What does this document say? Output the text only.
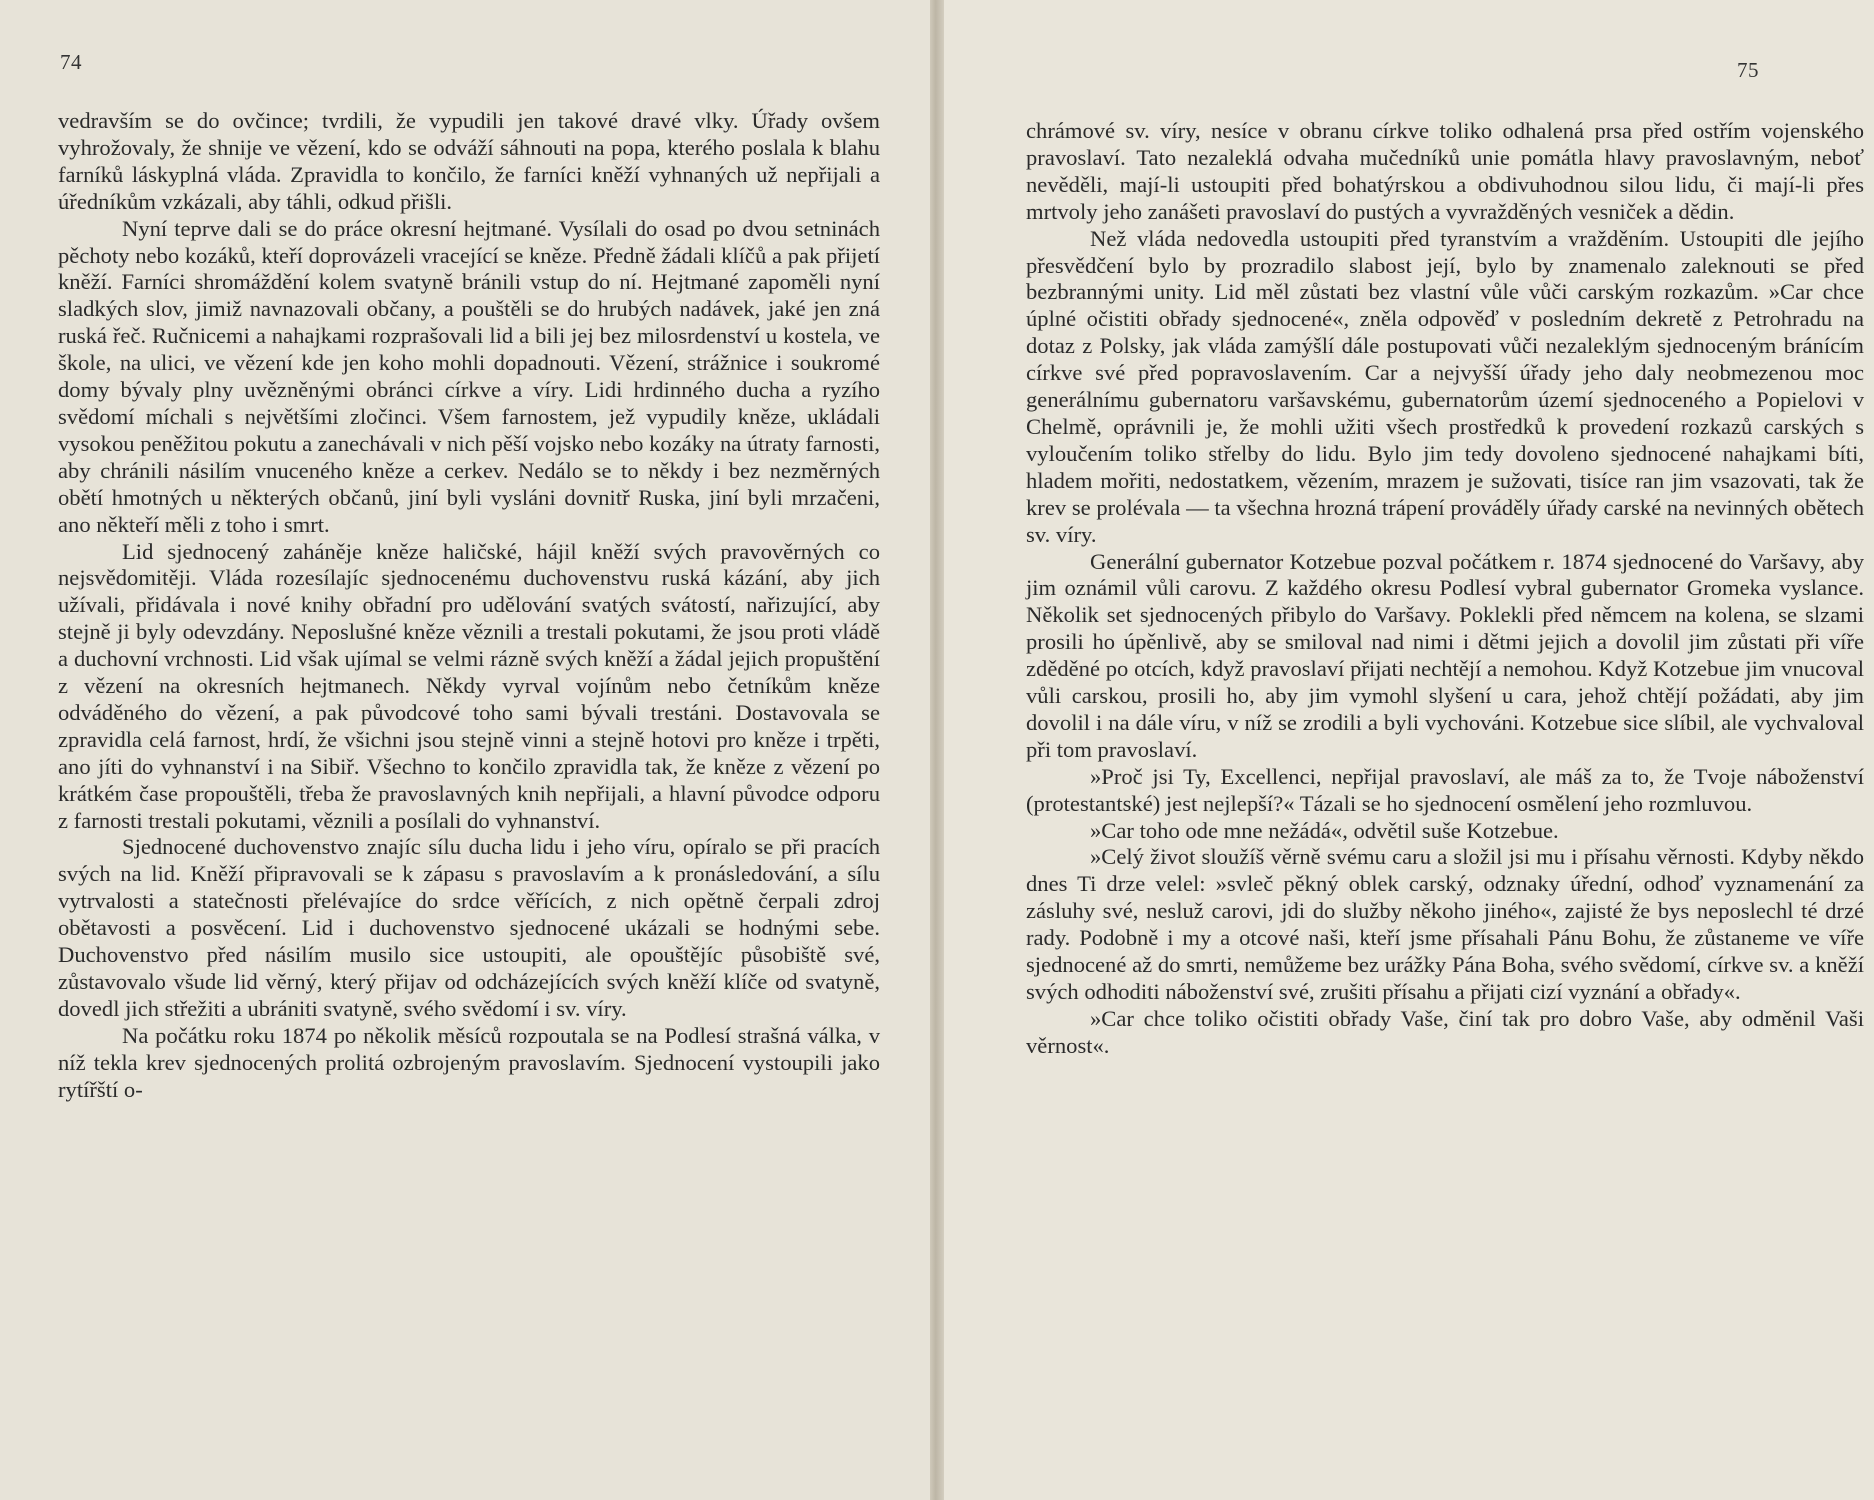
74

vedravším se do ovčince; tvrdili, že vypudili jen takové dravé vlky. Úřady ovšem vyhrožovaly, že shnije ve vězení, kdo se odváží sáhnouti na popa, kterého poslala k blahu farníků láskyplná vláda. Zpravidla to končilo, že farníci kněží vyhnaných už nepřijali a úředníkům vzkázali, aby táhli, odkud přišli.

Nyní teprve dali se do práce okresní hejtmané. Vysílali do osad po dvou setninách pěchoty nebo kozáků, kteří doprovázeli vracející se kněze. Předně žádali klíčů a pak přijetí kněží. Farníci shromáždění kolem svatyně bránili vstup do ní. Hejtmané zapoměli nyní sladkých slov, jimiž navnazovali občany, a pouštěli se do hrubých nadávek, jaké jen zná ruská řeč. Ručnicemi a nahajkami rozprašovali lid a bili jej bez milosrdenství u kostela, ve škole, na ulici, ve vězení kde jen koho mohli dopadnouti. Vězení, strážnice i soukromé domy bývaly plny uvězněnými obránci církve a víry. Lidi hrdinného ducha a ryzího svědomí míchali s největšími zločinci. Všem farnostem, jež vypudily kněze, ukládali vysokou peněžitou pokutu a zanechávali v nich pěší vojsko nebo kozáky na útraty farnosti, aby chránili násilím vnuceného kněze a cerkev. Nedálo se to někdy i bez nezměrných obětí hmotných u některých občanů, jiní byli vysláni dovnitř Ruska, jiní byli mrzačeni, ano někteří měli z toho i smrt.

Lid sjednocený zaháněje kněze haličské, hájil kněží svých pravověrných co nejsvědomitěji. Vláda rozesílajíc sjednocenému duchovenstvu ruská kázání, aby jich užívali, přidávala i nové knihy obřadní pro udělování svatých svátostí, nařizující, aby stejně ji byly odevzdány. Neposlušné kněze věznili a trestali pokutami, že jsou proti vládě a duchovní vrchnosti. Lid však ujímal se velmi rázně svých kněží a žádal jejich propuštění z vězení na okresních hejtmanech. Někdy vyrval vojínům nebo četníkům kněze odváděného do vězení, a pak původcové toho sami bývali trestáni. Dostavovala se zpravidla celá farnost, hrdí, že všichni jsou stejně vinni a stejně hotovi pro kněze i trpěti, ano jíti do vyhnanství i na Sibiř. Všechno to končilo zpravidla tak, že kněze z vězení po krátkém čase propouštěli, třeba že pravoslavných knih nepřijali, a hlavní původce odporu z farnosti trestali pokutami, věznili a posílali do vyhnanství.

Sjednocené duchovenstvo znajíc sílu ducha lidu i jeho víru, opíralo se při pracích svých na lid. Kněží připravovali se k zápasu s pravoslavím a k pronásledování, a sílu vytrvalosti a statečnosti přelévajíce do srdce věřících, z nich opětně čerpali zdroj obětavosti a posvěcení. Lid i duchovenstvo sjednocené ukázali se hodnými sebe. Duchovenstvo před násilím musilo sice ustoupiti, ale opouštějíc působiště své, zůstavovalo všude lid věrný, který přijav od odcházejících svých kněží klíče od svatyně, dovedl jich střežiti a ubrániti svatyně, svého svědomí i sv. víry.

Na počátku roku 1874 po několik měsíců rozpoutala se na Podlesí strašná válka, v níž tekla krev sjednocených prolitá ozbrojeným pravoslavím. Sjednocení vystoupili jako rytířští o-

75

chrámové sv. víry, nesíce v obranu církve toliko odhalená prsa před ostřím vojenského pravoslaví. Tato nezaleklá odvaha mučedníků unie pomátla hlavy pravoslavným, neboť nevěděli, mají-li ustoupiti před bohatýrskou a obdivuhodnou silou lidu, či mají-li přes mrtvoly jeho zanášeti pravoslaví do pustých a vyvražděných vesniček a dědin.

Než vláda nedovedla ustoupiti před tyranstvím a vražděním. Ustoupiti dle jejího přesvědčení bylo by prozradilo slabost její, bylo by znamenalo zaleknouti se před bezbrannými unity. Lid měl zůstati bez vlastní vůle vůči carským rozkazům. »Car chce úplné očistiti obřady sjednocené«, zněla odpověď v posledním dekretě z Petrohradu na dotaz z Polsky, jak vláda zamýšlí dále postupovati vůči nezaleklým sjednoceným bránícím církve své před popravoslavením. Car a nejvyšší úřady jeho daly neobmezenou moc generálnímu gubernatoru varšavskému, gubernatorům území sjednoceného a Popielovi v Chelmě, oprávnili je, že mohli užiti všech prostředků k provedení rozkazů carských s vyloučením toliko střelby do lidu. Bylo jim tedy dovoleno sjednocené nahajkami bíti, hladem mořiti, nedostatkem, vězením, mrazem je sužovati, tisíce ran jim vsazovati, tak že krev se prolévala — ta všechna hrozná trápení prováděly úřady carské na nevinných obětech sv. víry.

Generální gubernator Kotzebue pozval počátkem r. 1874 sjednocené do Varšavy, aby jim oznámil vůli carovu. Z každého okresu Podlesí vybral gubernator Gromeka vyslance. Několik set sjednocených přibylo do Varšavy. Poklekli před němcem na kolena, se slzami prosili ho úpěnlivě, aby se smiloval nad nimi i dětmi jejich a dovolil jim zůstati při víře zděděné po otcích, když pravoslaví přijati nechtějí a nemohou. Když Kotzebue jim vnucoval vůli carskou, prosili ho, aby jim vymohl slyšení u cara, jehož chtějí požádati, aby jim dovolil i na dále víru, v níž se zrodili a byli vychováni. Kotzebue sice slíbil, ale vychvaloval při tom pravoslaví.

»Proč jsi Ty, Excellenci, nepřijal pravoslaví, ale máš za to, že Tvoje náboženství (protestantské) jest nejlepší?« Tázali se ho sjednocení osmělení jeho rozmluvou.

»Car toho ode mne nežádá«, odvětil suše Kotzebue.

»Celý život sloužíš věrně svému caru a složil jsi mu i přísahu věrnosti. Kdyby někdo dnes Ti drze velel: »svleč pěkný oblek carský, odznaky úřední, odhoď vyznamenání za zásluhy své, nesluž carovi, jdi do služby někoho jiného«, zajisté že bys neposlechl té drzé rady. Podobně i my a otcové naši, kteří jsme přísahali Pánu Bohu, že zůstaneme ve víře sjednocené až do smrti, nemůžeme bez urážky Pána Boha, svého svědomí, církve sv. a kněží svých odhoditi náboženství své, zrušiti přísahu a přijati cizí vyznání a obřady«.

»Car chce toliko očistiti obřady Vaše, činí tak pro dobro Vaše, aby odměnil Vaši věrnost«.
